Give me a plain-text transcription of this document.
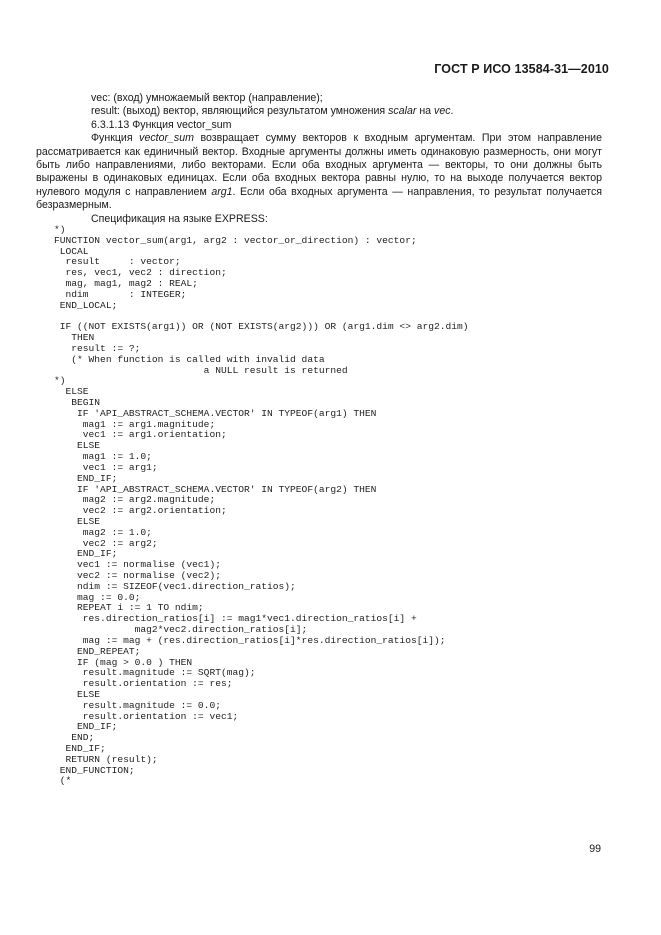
ГОСТ Р ИСО 13584-31—2010
vec: (вход) умножаемый вектор (направление);
result: (выход) вектор, являющийся результатом умножения scalar на vec.
6.3.1.13 Функция vector_sum

Функция vector_sum возвращает сумму векторов к входным аргументам. При этом направление рассматривается как единичный вектор. Входные аргументы должны иметь одинаковую размерность, они могут быть либо направлениями, либо векторами. Если оба входных аргумента — векторы, то они должны быть выражены в одинаковых единицах. Если оба входных вектора равны нулю, то на выходе получается вектор нулевого модуля с направлением arg1. Если оба входных аргумента — направления, то результат получается безразмерным.

Спецификация на языке EXPRESS:
*)
FUNCTION vector_sum(arg1, arg2 : vector_or_direction) : vector;
LOCAL
result     : vector;
res, vec1, vec2 : direction;
mag, mag1, mag2 : REAL;
ndim       : INTEGER;
END_LOCAL;

IF ((NOT EXISTS(arg1)) OR (NOT EXISTS(arg2))) OR (arg1.dim <> arg2.dim)
THEN
result := ?;
(* When function is called with invalid data
a NULL result is returned
*)
ELSE
BEGIN
IF 'API_ABSTRACT_SCHEMA.VECTOR' IN TYPEOF(arg1) THEN
mag1 := arg1.magnitude;
vec1 := arg1.orientation;
ELSE
mag1 := 1.0;
vec1 := arg1;
END_IF;
IF 'API_ABSTRACT_SCHEMA.VECTOR' IN TYPEOF(arg2) THEN
mag2 := arg2.magnitude;
vec2 := arg2.orientation;
ELSE
mag2 := 1.0;
vec2 := arg2;
END_IF;
vec1 := normalise (vec1);
vec2 := normalise (vec2);
ndim := SIZEOF(vec1.direction_ratios);
mag := 0.0;
REPEAT i := 1 TO ndim;
res.direction_ratios[i] := mag1*vec1.direction_ratios[i] +
mag2*vec2.direction_ratios[i];
mag := mag + (res.direction_ratios[i]*res.direction_ratios[i]);
END_REPEAT;
IF (mag > 0.0 ) THEN
result.magnitude := SQRT(mag);
result.orientation := res;
ELSE
result.magnitude := 0.0;
result.orientation := vec1;
END_IF;
END;
END_IF;
RETURN (result);
END_FUNCTION;
(*
99
